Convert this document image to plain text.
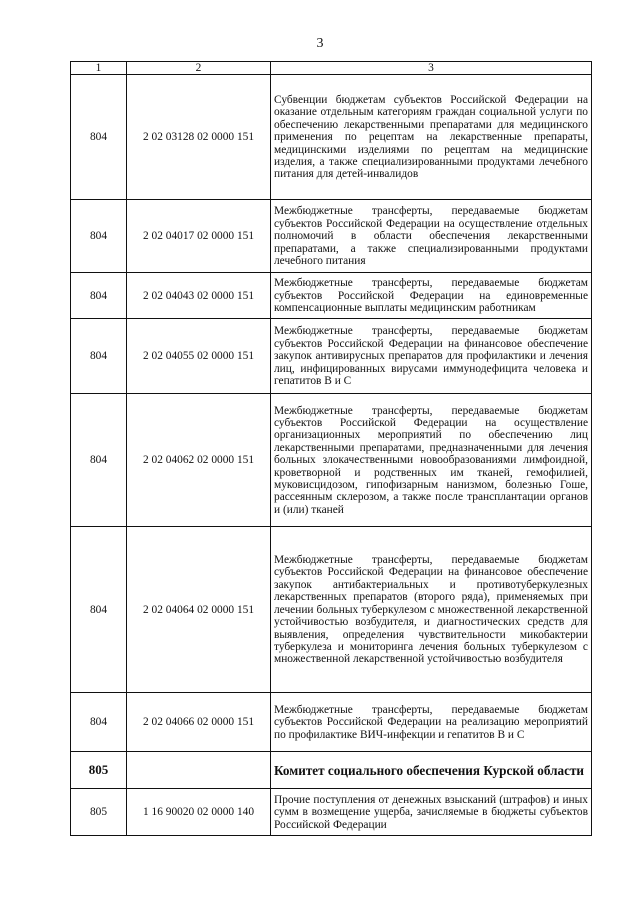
3
1	2	3
804	2 02 03128 02 0000 151	Субвенции бюджетам субъектов Российской Федерации на оказание отдельным категориям граждан социальной услуги по обеспечению лекарственными препаратами для медицинского применения по рецептам на лекарственные препараты, медицинскими изделиями по рецептам на медицинские изделия, а также специализированными продуктами лечебного питания для детей-инвалидов
804	2 02 04017 02 0000 151	Межбюджетные трансферты, передаваемые бюджетам субъектов Российской Федерации на осуществление отдельных полномочий в области обеспечения лекарственными препаратами, а также специализированными продуктами лечебного питания
804	2 02 04043 02 0000 151	Межбюджетные трансферты, передаваемые бюджетам субъектов Российской Федерации на единовременные компенсационные выплаты медицинским работникам
804	2 02 04055 02 0000 151	Межбюджетные трансферты, передаваемые бюджетам субъектов Российской Федерации на финансовое обеспечение закупок антивирусных препаратов для профилактики и лечения лиц, инфицированных вирусами иммунодефицита человека и гепатитов В и С
804	2 02 04062 02 0000 151	Межбюджетные трансферты, передаваемые бюджетам субъектов Российской Федерации на осуществление организационных мероприятий по обеспечению лиц лекарственными препаратами, предназначенными для лечения больных злокачественными новообразованиями лимфоидной, кроветворной и родственных им тканей, гемофилией, муковисцидозом, гипофизарным нанизмом, болезнью Гоше, рассеянным склерозом, а также после трансплантации органов и (или) тканей
804	2 02 04064 02 0000 151	Межбюджетные трансферты, передаваемые бюджетам субъектов Российской Федерации на финансовое обеспечение закупок антибактериальных и противотуберкулезных лекарственных препаратов (второго ряда), применяемых при лечении больных туберкулезом с множественной лекарственной устойчивостью возбудителя, и диагностических средств для выявления, определения чувствительности микобактерии туберкулеза и мониторинга лечения больных туберкулезом с множественной лекарственной устойчивостью возбудителя
804	2 02 04066 02 0000 151	Межбюджетные трансферты, передаваемые бюджетам субъектов Российской Федерации на реализацию мероприятий по профилактике ВИЧ-инфекции и гепатитов В и С
805		Комитет социального обеспечения Курской области
805	1 16 90020 02 0000 140	Прочие поступления от денежных взысканий (штрафов) и иных сумм в возмещение ущерба, зачисляемые в бюджеты субъектов Российской Федерации
